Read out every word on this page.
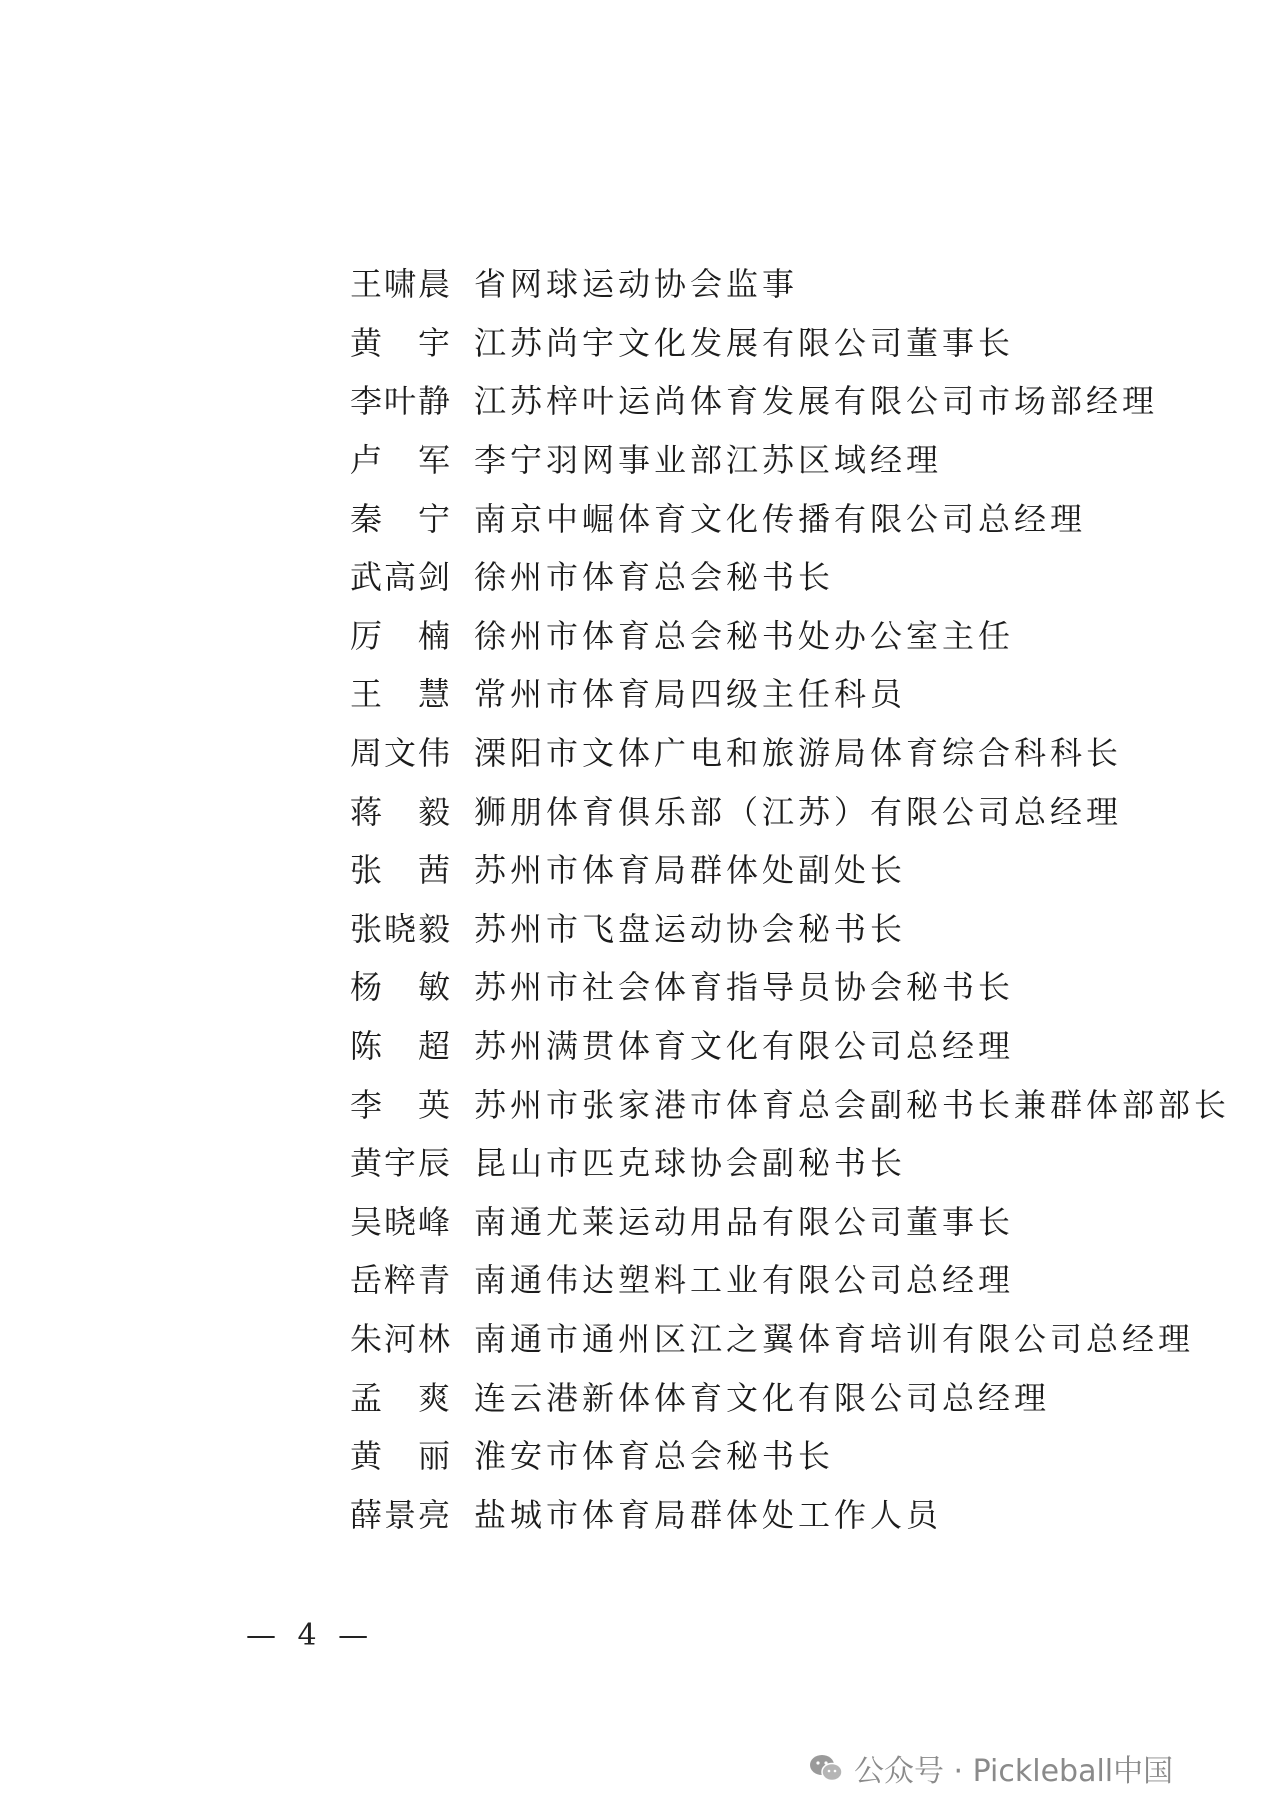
王啸晨 省网球运动协会监事
黄　宇 江苏尚宇文化发展有限公司董事长
李叶静 江苏梓叶运尚体育发展有限公司市场部经理
卢　军 李宁羽网事业部江苏区域经理
秦　宁 南京中崛体育文化传播有限公司总经理
武高剑 徐州市体育总会秘书长
厉　楠 徐州市体育总会秘书处办公室主任
王　慧 常州市体育局四级主任科员
周文伟 溧阳市文体广电和旅游局体育综合科科长
蒋　毅 狮朋体育俱乐部（江苏）有限公司总经理
张　茜 苏州市体育局群体处副处长
张晓毅 苏州市飞盘运动协会秘书长
杨　敏 苏州市社会体育指导员协会秘书长
陈　超 苏州满贯体育文化有限公司总经理
李　英 苏州市张家港市体育总会副秘书长兼群体部部长
黄宇辰 昆山市匹克球协会副秘书长
吴晓峰 南通尤莱运动用品有限公司董事长
岳粹青 南通伟达塑料工业有限公司总经理
朱河林 南通市通州区江之翼体育培训有限公司总经理
孟　爽 连云港新体体育文化有限公司总经理
黄　丽 淮安市体育总会秘书长
薛景亮 盐城市体育局群体处工作人员
— 4 —
公众号 · Pickleball中国
